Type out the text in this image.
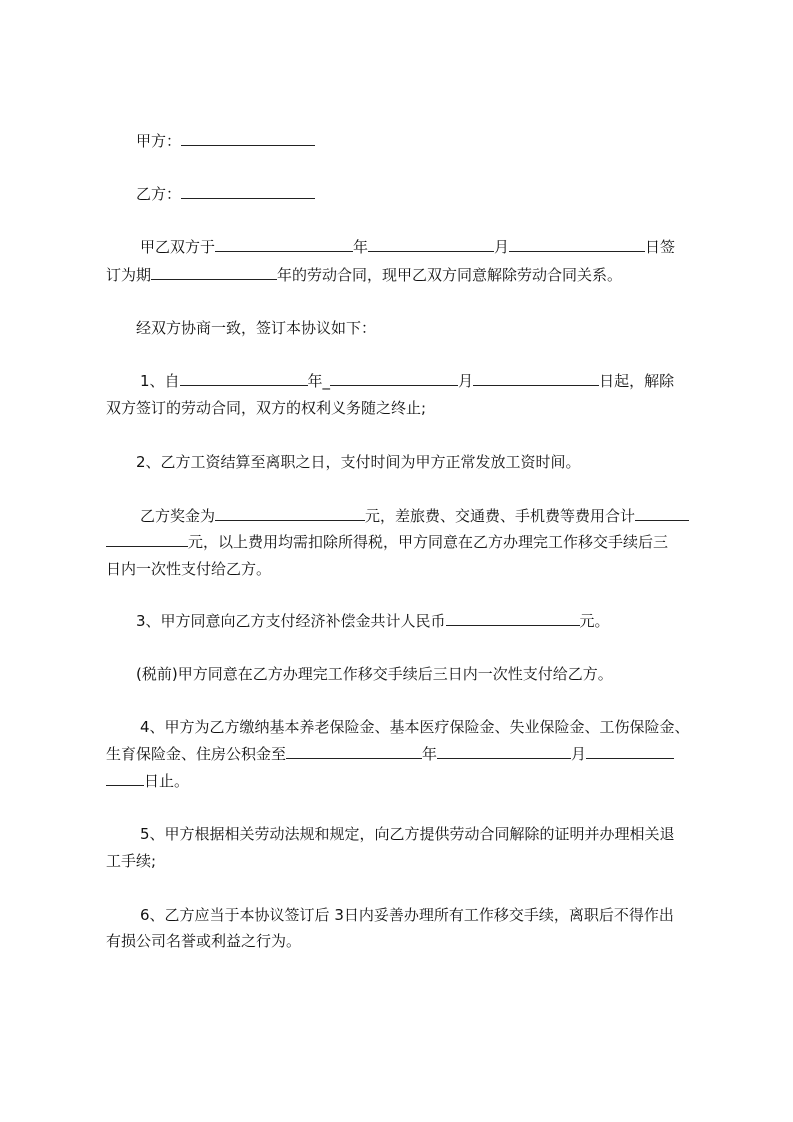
甲方：
乙方：
甲乙双方于	年	月	日签
订为期	年的劳动合同，现甲乙双方同意解除劳动合同关系。
经双方协商一致，签订本协议如下：
1、自	年_	月	日起，解除
双方签订的劳动合同，双方的权利义务随之终止;
2、乙方工资结算至离职之日，支付时间为甲方正常发放工资时间。
乙方奖金为	元，差旅费、交通费、手机费等费用合计
元，以上费用均需扣除所得税，甲方同意在乙方办理完工作移交手续后三
日内一次性支付给乙方。
3、甲方同意向乙方支付经济补偿金共计人民币	元。
(税前)甲方同意在乙方办理完工作移交手续后三日内一次性支付给乙方。
4、甲方为乙方缴纳基本养老保险金、基本医疗保险金、失业保险金、工伤保险金、
生育保险金、住房公积金至	年	月
日止。
5、甲方根据相关劳动法规和规定，向乙方提供劳动合同解除的证明并办理相关退
工手续;
6、乙方应当于本协议签订后 3日内妥善办理所有工作移交手续，离职后不得作出
有损公司名誉或利益之行为。
